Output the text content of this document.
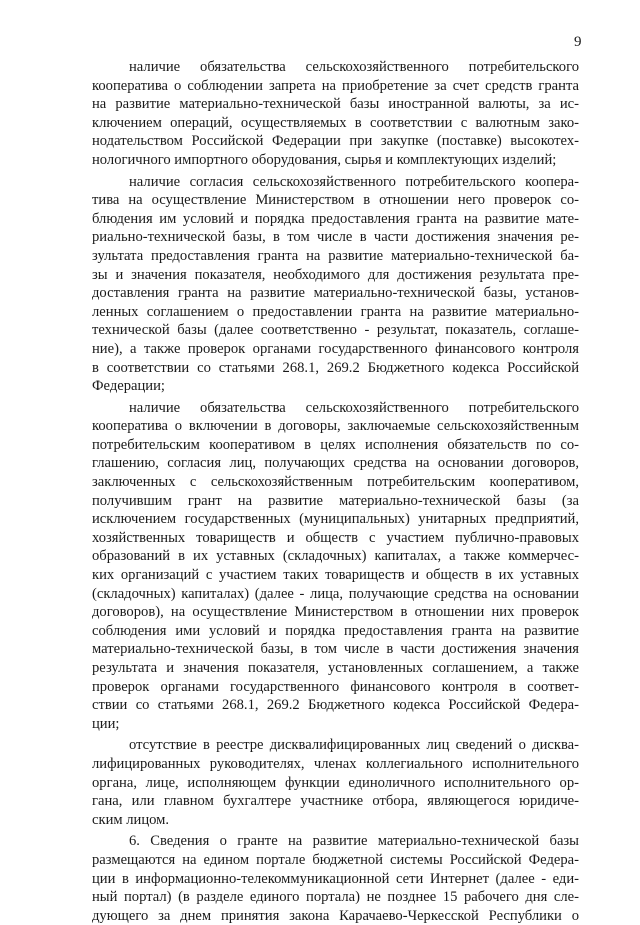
9
наличие обязательства сельскохозяйственного потребительского
кооператива о соблюдении запрета на приобретение за счет средств гранта
на развитие материально-технической базы иностранной валюты, за ис-
ключением операций, осуществляемых в соответствии с валютным зако-
нодательством Российской Федерации при закупке (поставке) высокотех-
нологичного импортного оборудования, сырья и комплектующих изделий;
наличие согласия сельскохозяйственного потребительского коопера-
тива на осуществление Министерством в отношении него проверок со-
блюдения им условий и порядка предоставления гранта на развитие мате-
риально-технической базы, в том числе в части достижения значения ре-
зультата предоставления гранта на развитие материально-технической ба-
зы и значения показателя, необходимого для достижения результата пре-
доставления гранта на развитие материально-технической базы, установ-
ленных соглашением о предоставлении гранта на развитие материально-
технической базы (далее соответственно - результат, показатель, соглаше-
ние), а также проверок органами государственного финансового контроля
в соответствии со статьями 268.1, 269.2 Бюджетного кодекса Российской
Федерации;
наличие обязательства сельскохозяйственного потребительского
кооператива о включении в договоры, заключаемые сельскохозяйственным
потребительским кооперативом в целях исполнения обязательств по со-
глашению, согласия лиц, получающих средства на основании договоров,
заключенных с сельскохозяйственным потребительским кооперативом,
получившим грант на развитие материально-технической базы (за
исключением государственных (муниципальных) унитарных предприятий,
хозяйственных товариществ и обществ с участием публично-правовых
образований в их уставных (складочных) капиталах, а также коммерчес-
ких организаций с участием таких товариществ и обществ в их уставных
(складочных) капиталах) (далее - лица, получающие средства на основании
договоров), на осуществление Министерством в отношении них проверок
соблюдения ими условий и порядка предоставления гранта на развитие
материально-технической базы, в том числе в части достижения значения
результата и значения показателя, установленных соглашением, а также
проверок органами государственного финансового контроля в соответ-
ствии со статьями 268.1, 269.2 Бюджетного кодекса Российской Федера-
ции;
отсутствие в реестре дисквалифицированных лиц сведений о дисква-
лифицированных руководителях, членах коллегиального исполнительного
органа, лице, исполняющем функции единоличного исполнительного ор-
гана, или главном бухгалтере участнике отбора, являющегося юридиче-
ским лицом.
6. Сведения о гранте на развитие материально-технической базы
размещаются на едином портале бюджетной системы Российской Федера-
ции в информационно-телекоммуникационной сети Интернет (далее - еди-
ный портал) (в разделе единого портала) не позднее 15 рабочего дня сле-
дующего за днем принятия закона Карачаево-Черкесской Республики о
